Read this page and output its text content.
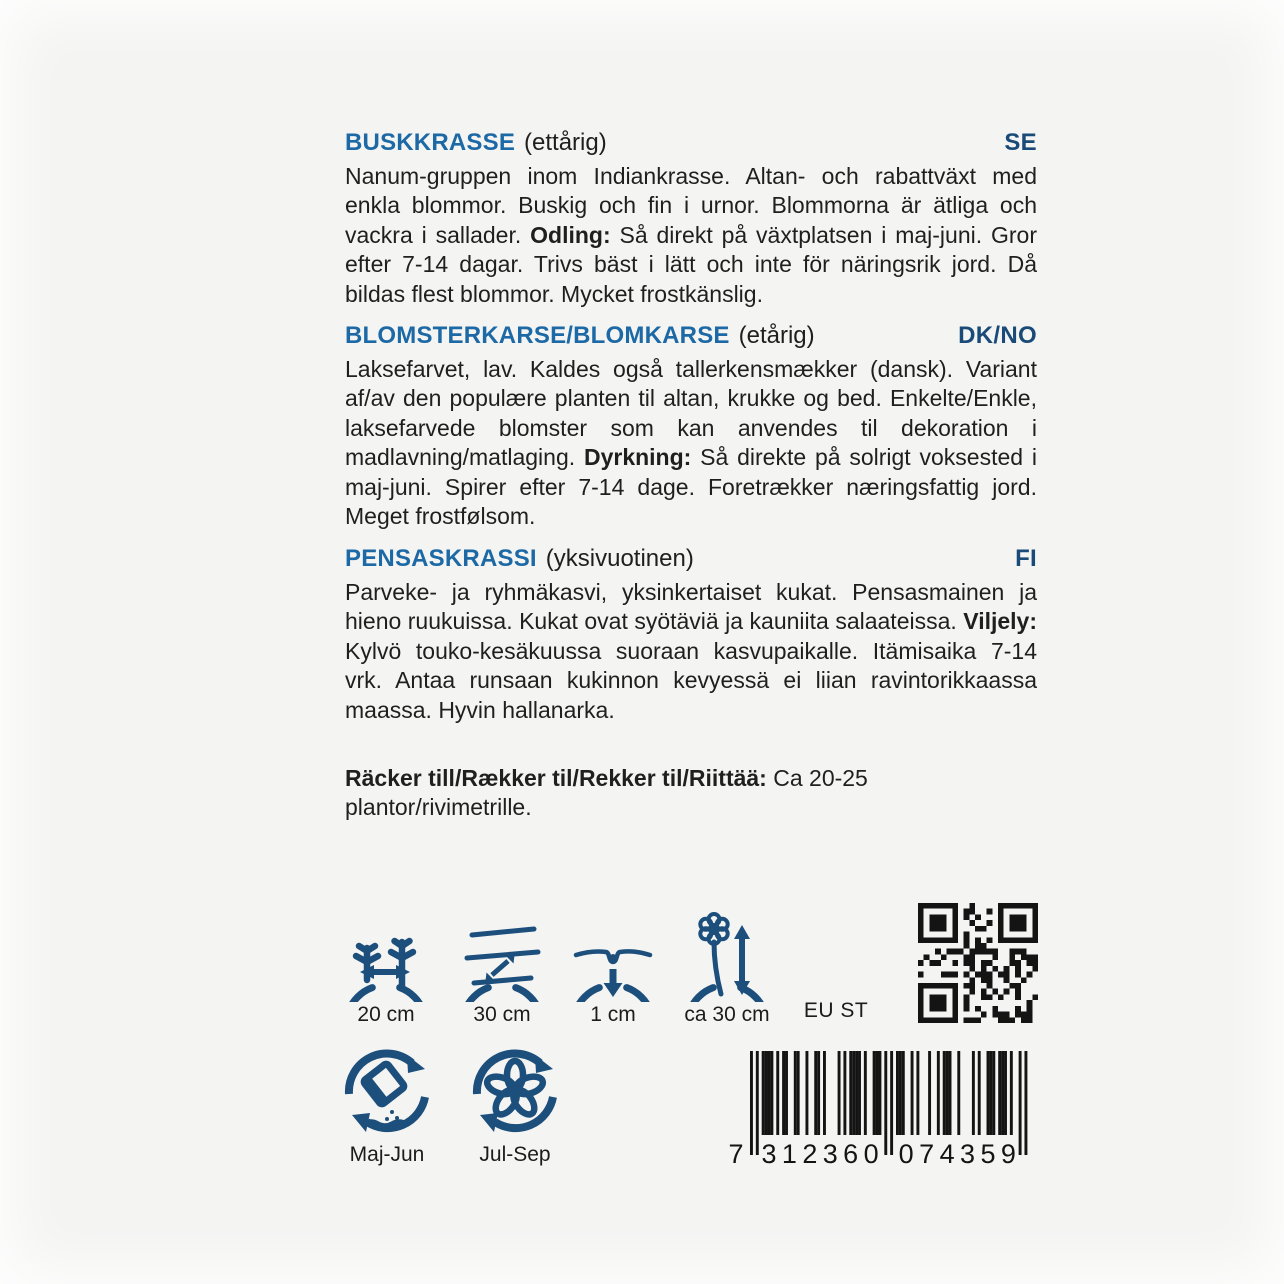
BUSKKRASSE (ettårig)	SE

Nanum-gruppen inom Indiankrasse. Altan- och rabattväxt med enkla blommor. Buskig och fin i urnor. Blommorna är ätliga och vackra i sallader. Odling: Så direkt på växtplatsen i maj-juni. Gror efter 7-14 dagar. Trivs bäst i lätt och inte för näringsrik jord. Då bildas flest blommor. Mycket frostkänslig.

BLOMSTERKARSE/BLOMKARSE (etårig)	DK/NO

Laksefarvet, lav. Kaldes også tallerkensmækker (dansk). Variant af/av den populære planten til altan, krukke og bed. Enkelte/Enkle, laksefarvede blomster som kan anvendes til dekoration i madlavning/matlaging. Dyrkning: Så direkte på solrigt voksested i maj-juni. Spirer efter 7-14 dage. Foretrækker næringsfattig jord. Meget frostfølsom.

PENSASKRASSI (yksivuotinen)	FI

Parveke- ja ryhmäkasvi, yksinkertaiset kukat. Pensasmainen ja hieno ruukuissa. Kukat ovat syötäviä ja kauniita salaateissa. Viljely: Kylvö touko-kesäkuussa suoraan kasvupaikalle. Itämisaika 7-14 vrk. Antaa runsaan kukinnon kevyessä ei liian ravintorikkaassa maassa. Hyvin hallanarka.

Räcker till/Rækker til/Rekker til/Riittää: Ca 20-25 plantor/rivimetrille.

20 cm	30 cm	1 cm	ca 30 cm	EU ST
Maj-Jun	Jul-Sep	7 3 1 2 3 6 0 0 7 4 3 5 9
